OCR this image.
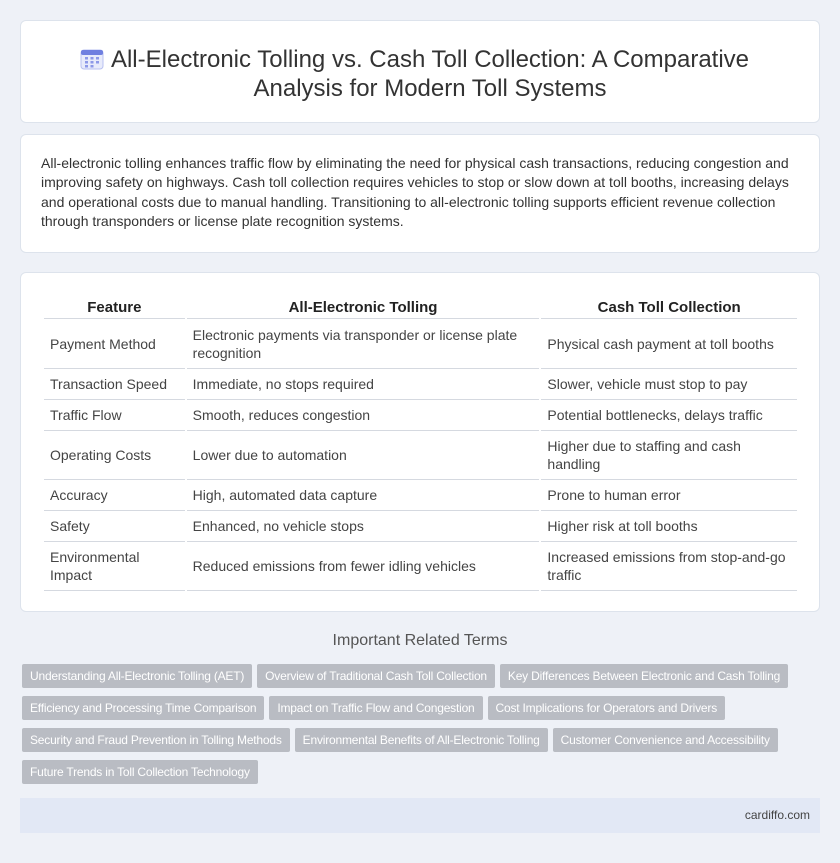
All-Electronic Tolling vs. Cash Toll Collection: A Comparative Analysis for Modern Toll Systems

All-electronic tolling enhances traffic flow by eliminating the need for physical cash transactions, reducing congestion and improving safety on highways. Cash toll collection requires vehicles to stop or slow down at toll booths, increasing delays and operational costs due to manual handling. Transitioning to all-electronic tolling supports efficient revenue collection through transponders or license plate recognition systems.

Feature	All-Electronic Tolling	Cash Toll Collection
Payment Method	Electronic payments via transponder or license plate recognition	Physical cash payment at toll booths
Transaction Speed	Immediate, no stops required	Slower, vehicle must stop to pay
Traffic Flow	Smooth, reduces congestion	Potential bottlenecks, delays traffic
Operating Costs	Lower due to automation	Higher due to staffing and cash handling
Accuracy	High, automated data capture	Prone to human error
Safety	Enhanced, no vehicle stops	Higher risk at toll booths
Environmental Impact	Reduced emissions from fewer idling vehicles	Increased emissions from stop-and-go traffic
Important Related Terms
Understanding All-Electronic Tolling (AET) Overview of Traditional Cash Toll Collection Key Differences Between Electronic and Cash Tolling
Efficiency and Processing Time Comparison Impact on Traffic Flow and Congestion Cost Implications for Operators and Drivers
Security and Fraud Prevention in Tolling Methods Environmental Benefits of All-Electronic Tolling Customer Convenience and Accessibility
Future Trends in Toll Collection Technology
cardiffo.com
